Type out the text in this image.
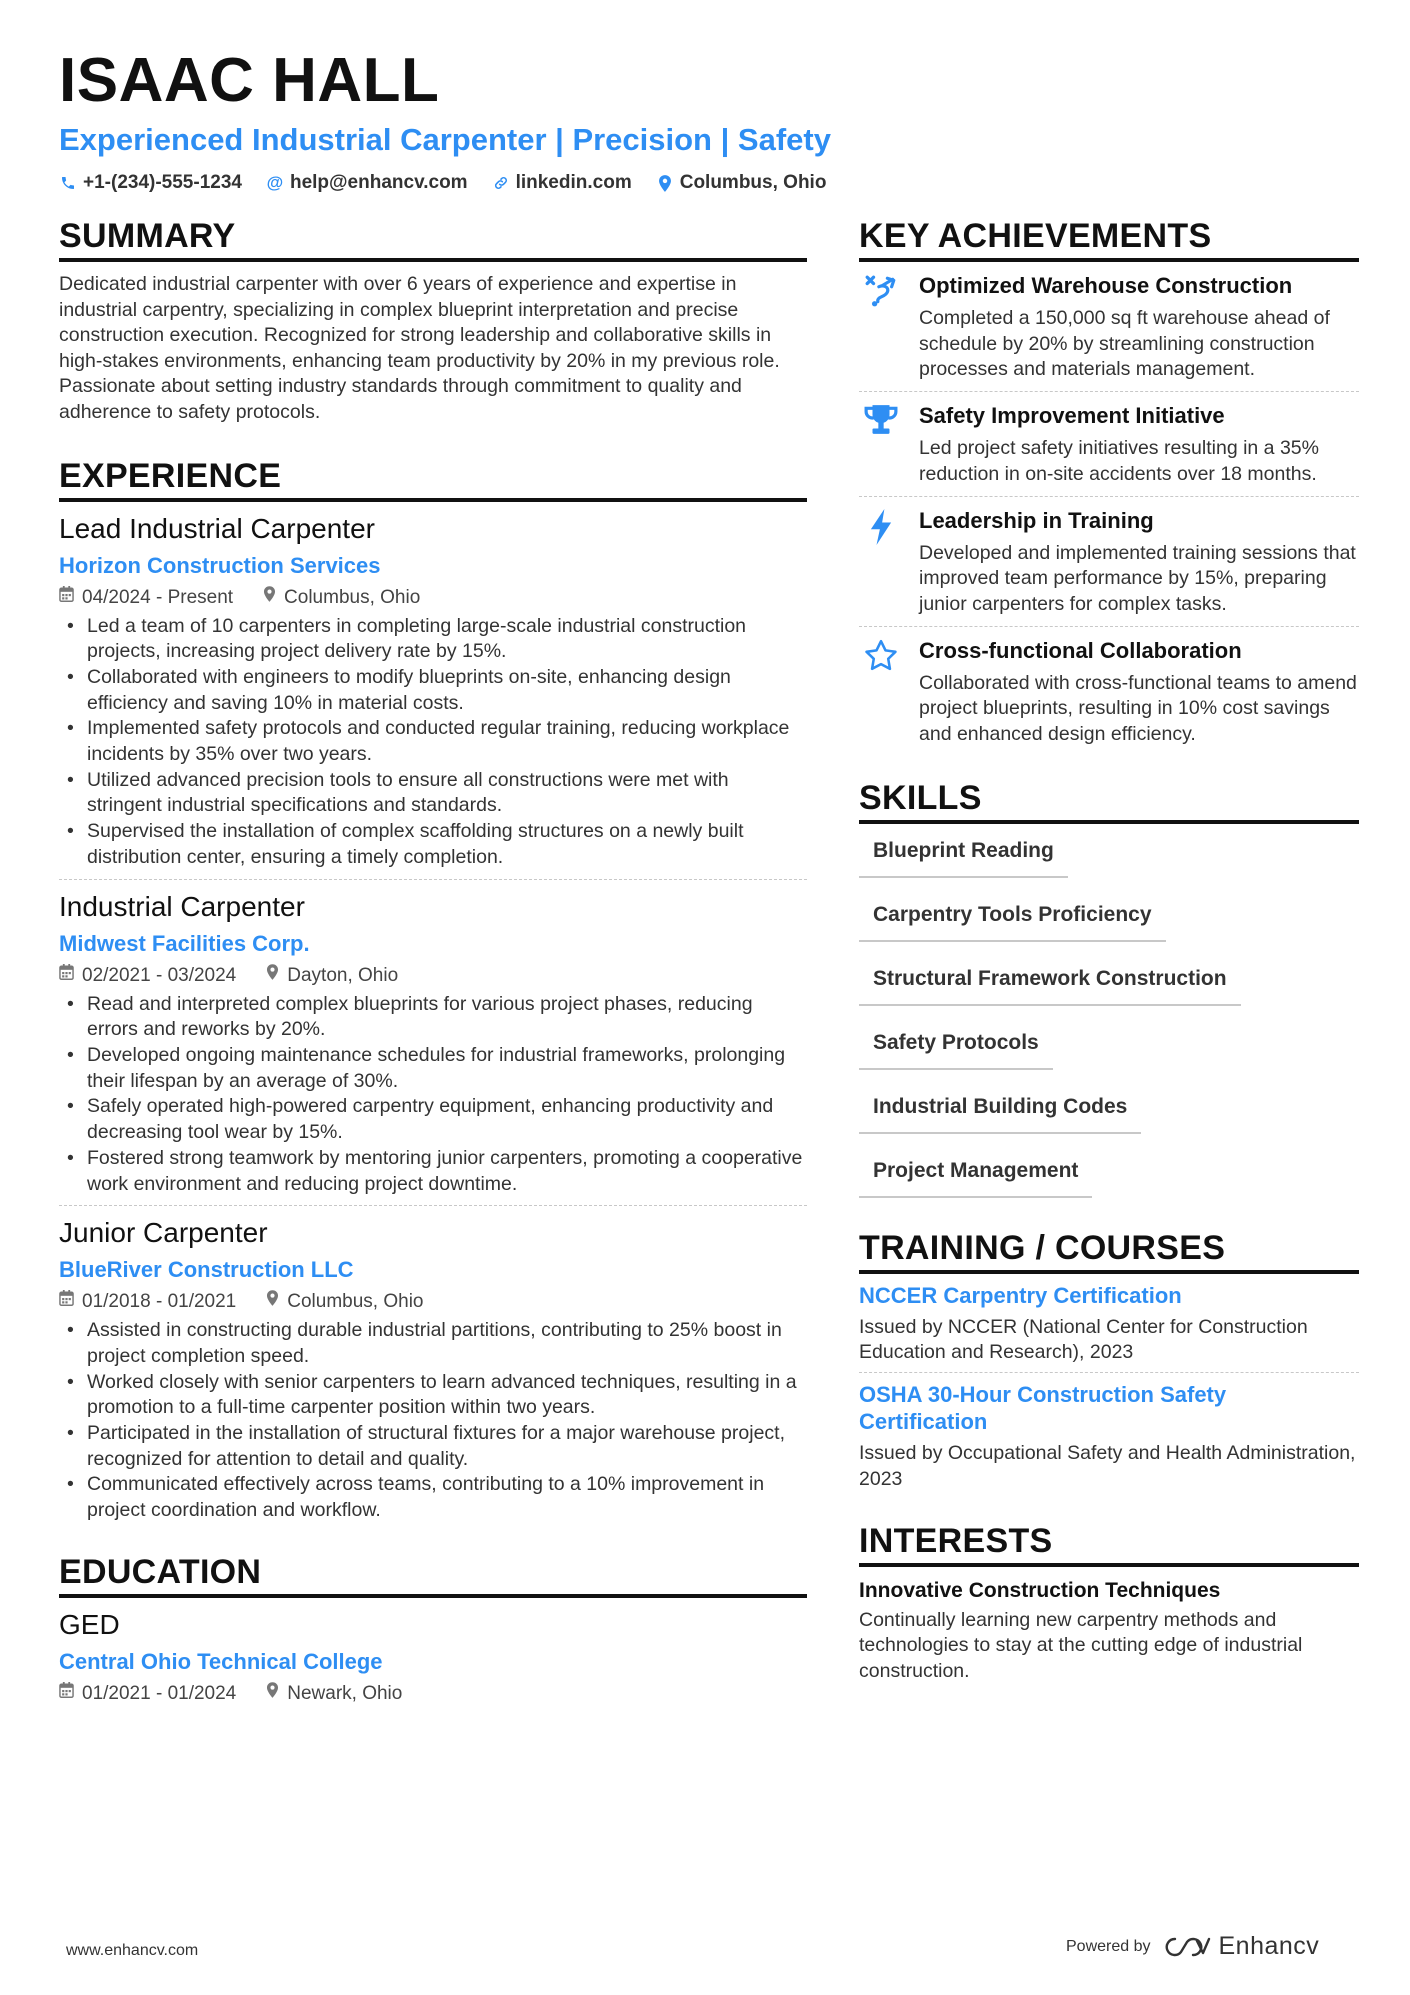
ISAAC HALL
Experienced Industrial Carpenter | Precision | Safety
+1-(234)-555-1234 @ help@enhancv.com	linkedin.com	Columbus, Ohio
SUMMARY
Dedicated industrial carpenter with over 6 years of experience and expertise in industrial carpentry, specializing in complex blueprint interpretation and precise construction execution. Recognized for strong leadership and collaborative skills in high-stakes environments, enhancing team productivity by 20% in my previous role. Passionate about setting industry standards through commitment to quality and adherence to safety protocols.
EXPERIENCE
Lead Industrial Carpenter
Horizon Construction Services
04/2024 - Present	Columbus, Ohio
• Led a team of 10 carpenters in completing large-scale industrial construction projects, increasing project delivery rate by 15%.
• Collaborated with engineers to modify blueprints on-site, enhancing design efficiency and saving 10% in material costs.
• Implemented safety protocols and conducted regular training, reducing workplace incidents by 35% over two years.
• Utilized advanced precision tools to ensure all constructions were met with stringent industrial specifications and standards.
• Supervised the installation of complex scaffolding structures on a newly built distribution center, ensuring a timely completion.
Industrial Carpenter
Midwest Facilities Corp.
02/2021 - 03/2024	Dayton, Ohio
• Read and interpreted complex blueprints for various project phases, reducing errors and reworks by 20%.
• Developed ongoing maintenance schedules for industrial frameworks, prolonging their lifespan by an average of 30%.
• Safely operated high-powered carpentry equipment, enhancing productivity and decreasing tool wear by 15%.
• Fostered strong teamwork by mentoring junior carpenters, promoting a cooperative work environment and reducing project downtime.
Junior Carpenter
BlueRiver Construction LLC
01/2018 - 01/2021	Columbus, Ohio
• Assisted in constructing durable industrial partitions, contributing to 25% boost in project completion speed.
• Worked closely with senior carpenters to learn advanced techniques, resulting in a promotion to a full-time carpenter position within two years.
• Participated in the installation of structural fixtures for a major warehouse project, recognized for attention to detail and quality.
• Communicated effectively across teams, contributing to a 10% improvement in project coordination and workflow.
EDUCATION
GED
Central Ohio Technical College
01/2021 - 01/2024	Newark, Ohio
KEY ACHIEVEMENTS
Optimized Warehouse Construction
Completed a 150,000 sq ft warehouse ahead of schedule by 20% by streamlining construction processes and materials management.
Safety Improvement Initiative
Led project safety initiatives resulting in a 35% reduction in on-site accidents over 18 months.
Leadership in Training
Developed and implemented training sessions that improved team performance by 15%, preparing junior carpenters for complex tasks.
Cross-functional Collaboration
Collaborated with cross-functional teams to amend project blueprints, resulting in 10% cost savings and enhanced design efficiency.
SKILLS
Blueprint Reading
Carpentry Tools Proficiency
Structural Framework Construction
Safety Protocols
Industrial Building Codes
Project Management
TRAINING / COURSES
NCCER Carpentry Certification
Issued by NCCER (National Center for Construction Education and Research), 2023
OSHA 30-Hour Construction Safety Certification
Issued by Occupational Safety and Health Administration, 2023
INTERESTS
Innovative Construction Techniques
Continually learning new carpentry methods and technologies to stay at the cutting edge of industrial construction.
www.enhancv.com	Powered by	Enhancv
